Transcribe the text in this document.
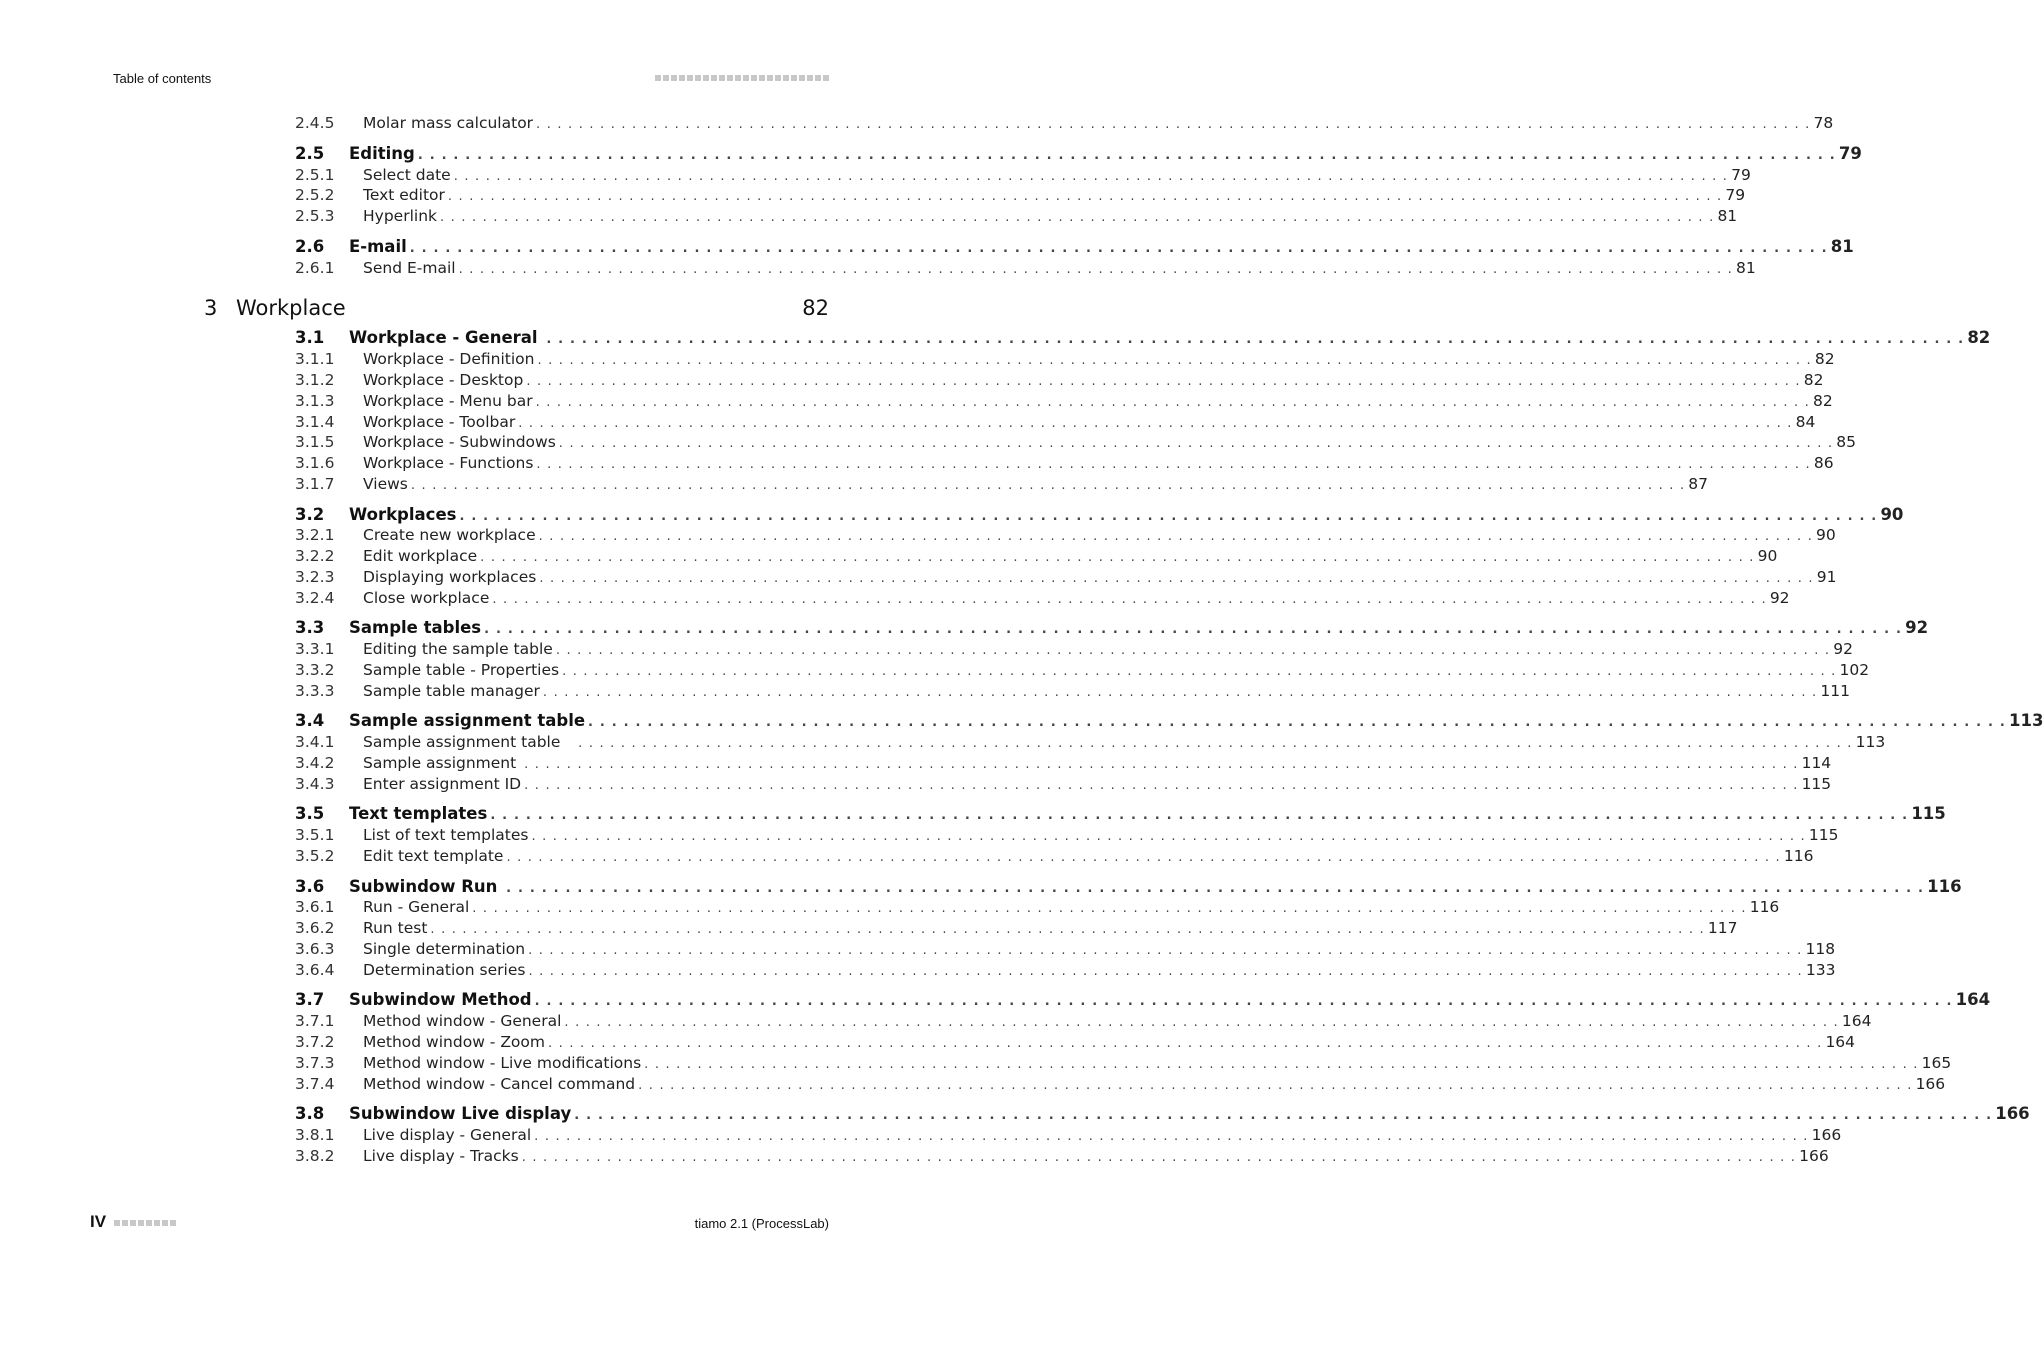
Table of contents
2.4.5	Molar mass calculator . . . . . . . . . . . . . . . . . . . . . . . . . . . . . . . . . . . . . . . . . . . . . . . . . . . . . . . . . . . . . . . . . . . . . . . . . . . . . . . . . . . . . . . . . . . . . . . . . . . . . . . . . . . . . . . . . . . . . . . . 78
2.5	Editing . . . . . . . . . . . . . . . . . . . . . . . . . . . . . . . . . . . . . . . . . . . . . . . . . . . . . . . . . . . . . . . . . . . . . . . . . . . . . . . . . . . . . . . . . . . . . . . . . . . . . . . . . . . . . . . . . . . . . . . . 79
2.5.1	Select date . . . . . . . . . . . . . . . . . . . . . . . . . . . . . . . . . . . . . . . . . . . . . . . . . . . . . . . . . . . . . . . . . . . . . . . . . . . . . . . . . . . . . . . . . . . . . . . . . . . . . . . . . . . . . . . . . . . . . . . . 79
2.5.2	Text editor . . . . . . . . . . . . . . . . . . . . . . . . . . . . . . . . . . . . . . . . . . . . . . . . . . . . . . . . . . . . . . . . . . . . . . . . . . . . . . . . . . . . . . . . . . . . . . . . . . . . . . . . . . . . . . . . . . . . . . . . 79
2.5.3	Hyperlink . . . . . . . . . . . . . . . . . . . . . . . . . . . . . . . . . . . . . . . . . . . . . . . . . . . . . . . . . . . . . . . . . . . . . . . . . . . . . . . . . . . . . . . . . . . . . . . . . . . . . . . . . . . . . . . . . . . . . . . . 81
2.6	E-mail . . . . . . . . . . . . . . . . . . . . . . . . . . . . . . . . . . . . . . . . . . . . . . . . . . . . . . . . . . . . . . . . . . . . . . . . . . . . . . . . . . . . . . . . . . . . . . . . . . . . . . . . . . . . . . . . . . . . . . . . 81
2.6.1	Send E-mail . . . . . . . . . . . . . . . . . . . . . . . . . . . . . . . . . . . . . . . . . . . . . . . . . . . . . . . . . . . . . . . . . . . . . . . . . . . . . . . . . . . . . . . . . . . . . . . . . . . . . . . . . . . . . . . . . . . . . . . . 81
3 Workplace	82
3.1	Workplace - General . . . . . . . . . . . . . . . . . . . . . . . . . . . . . . . . . . . . . . . . . . . . . . . . . . . . . . . . . . . . . . . . . . . . . . . . . . . . . . . . . . . . . . . . . . . . . . . . . . . . . . . . . . . . . . . . . . . . . . . . 82
3.1.1	Workplace - Definition . . . . . . . . . . . . . . . . . . . . . . . . . . . . . . . . . . . . . . . . . . . . . . . . . . . . . . . . . . . . . . . . . . . . . . . . . . . . . . . . . . . . . . . . . . . . . . . . . . . . . . . . . . . . . . . . . . . . . . . . 82
3.1.2	Workplace - Desktop . . . . . . . . . . . . . . . . . . . . . . . . . . . . . . . . . . . . . . . . . . . . . . . . . . . . . . . . . . . . . . . . . . . . . . . . . . . . . . . . . . . . . . . . . . . . . . . . . . . . . . . . . . . . . . . . . . . . . . . . 82
3.1.3	Workplace - Menu bar . . . . . . . . . . . . . . . . . . . . . . . . . . . . . . . . . . . . . . . . . . . . . . . . . . . . . . . . . . . . . . . . . . . . . . . . . . . . . . . . . . . . . . . . . . . . . . . . . . . . . . . . . . . . . . . . . . . . . . . . 82
3.1.4	Workplace - Toolbar . . . . . . . . . . . . . . . . . . . . . . . . . . . . . . . . . . . . . . . . . . . . . . . . . . . . . . . . . . . . . . . . . . . . . . . . . . . . . . . . . . . . . . . . . . . . . . . . . . . . . . . . . . . . . . . . . . . . . . . . 84
3.1.5	Workplace - Subwindows . . . . . . . . . . . . . . . . . . . . . . . . . . . . . . . . . . . . . . . . . . . . . . . . . . . . . . . . . . . . . . . . . . . . . . . . . . . . . . . . . . . . . . . . . . . . . . . . . . . . . . . . . . . . . . . . . . . . . . . . 85
3.1.6	Workplace - Functions . . . . . . . . . . . . . . . . . . . . . . . . . . . . . . . . . . . . . . . . . . . . . . . . . . . . . . . . . . . . . . . . . . . . . . . . . . . . . . . . . . . . . . . . . . . . . . . . . . . . . . . . . . . . . . . . . . . . . . . . 86
3.1.7	Views . . . . . . . . . . . . . . . . . . . . . . . . . . . . . . . . . . . . . . . . . . . . . . . . . . . . . . . . . . . . . . . . . . . . . . . . . . . . . . . . . . . . . . . . . . . . . . . . . . . . . . . . . . . . . . . . . . . . . . . . 87
3.2	Workplaces . . . . . . . . . . . . . . . . . . . . . . . . . . . . . . . . . . . . . . . . . . . . . . . . . . . . . . . . . . . . . . . . . . . . . . . . . . . . . . . . . . . . . . . . . . . . . . . . . . . . . . . . . . . . . . . . . . . . . . . . 90
3.2.1	Create new workplace . . . . . . . . . . . . . . . . . . . . . . . . . . . . . . . . . . . . . . . . . . . . . . . . . . . . . . . . . . . . . . . . . . . . . . . . . . . . . . . . . . . . . . . . . . . . . . . . . . . . . . . . . . . . . . . . . . . . . . . . 90
3.2.2	Edit workplace . . . . . . . . . . . . . . . . . . . . . . . . . . . . . . . . . . . . . . . . . . . . . . . . . . . . . . . . . . . . . . . . . . . . . . . . . . . . . . . . . . . . . . . . . . . . . . . . . . . . . . . . . . . . . . . . . . . . . . . . 90
3.2.3	Displaying workplaces . . . . . . . . . . . . . . . . . . . . . . . . . . . . . . . . . . . . . . . . . . . . . . . . . . . . . . . . . . . . . . . . . . . . . . . . . . . . . . . . . . . . . . . . . . . . . . . . . . . . . . . . . . . . . . . . . . . . . . . . 91
3.2.4	Close workplace . . . . . . . . . . . . . . . . . . . . . . . . . . . . . . . . . . . . . . . . . . . . . . . . . . . . . . . . . . . . . . . . . . . . . . . . . . . . . . . . . . . . . . . . . . . . . . . . . . . . . . . . . . . . . . . . . . . . . . . . 92
3.3	Sample tables . . . . . . . . . . . . . . . . . . . . . . . . . . . . . . . . . . . . . . . . . . . . . . . . . . . . . . . . . . . . . . . . . . . . . . . . . . . . . . . . . . . . . . . . . . . . . . . . . . . . . . . . . . . . . . . . . . . . . . . . 92
3.3.1	Editing the sample table . . . . . . . . . . . . . . . . . . . . . . . . . . . . . . . . . . . . . . . . . . . . . . . . . . . . . . . . . . . . . . . . . . . . . . . . . . . . . . . . . . . . . . . . . . . . . . . . . . . . . . . . . . . . . . . . . . . . . . . . 92
3.3.2	Sample table - Properties . . . . . . . . . . . . . . . . . . . . . . . . . . . . . . . . . . . . . . . . . . . . . . . . . . . . . . . . . . . . . . . . . . . . . . . . . . . . . . . . . . . . . . . . . . . . . . . . . . . . . . . . . . . . . . . . . . . . . . . . 102
3.3.3	Sample table manager . . . . . . . . . . . . . . . . . . . . . . . . . . . . . . . . . . . . . . . . . . . . . . . . . . . . . . . . . . . . . . . . . . . . . . . . . . . . . . . . . . . . . . . . . . . . . . . . . . . . . . . . . . . . . . . . . . . . . . . . 111
3.4	Sample assignment table . . . . . . . . . . . . . . . . . . . . . . . . . . . . . . . . . . . . . . . . . . . . . . . . . . . . . . . . . . . . . . . . . . . . . . . . . . . . . . . . . . . . . . . . . . . . . . . . . . . . . . . . . . . . . . . . . . . . . . . . 113
3.4.1	Sample assignment table . . . . . . . . . . . . . . . . . . . . . . . . . . . . . . . . . . . . . . . . . . . . . . . . . . . . . . . . . . . . . . . . . . . . . . . . . . . . . . . . . . . . . . . . . . . . . . . . . . . . . . . . . . . . . . . . . . . . . . . . 113
3.4.2	Sample assignment . . . . . . . . . . . . . . . . . . . . . . . . . . . . . . . . . . . . . . . . . . . . . . . . . . . . . . . . . . . . . . . . . . . . . . . . . . . . . . . . . . . . . . . . . . . . . . . . . . . . . . . . . . . . . . . . . . . . . . . . 114
3.4.3	Enter assignment ID . . . . . . . . . . . . . . . . . . . . . . . . . . . . . . . . . . . . . . . . . . . . . . . . . . . . . . . . . . . . . . . . . . . . . . . . . . . . . . . . . . . . . . . . . . . . . . . . . . . . . . . . . . . . . . . . . . . . . . . . 115
3.5	Text templates . . . . . . . . . . . . . . . . . . . . . . . . . . . . . . . . . . . . . . . . . . . . . . . . . . . . . . . . . . . . . . . . . . . . . . . . . . . . . . . . . . . . . . . . . . . . . . . . . . . . . . . . . . . . . . . . . . . . . . . . 115
3.5.1	List of text templates . . . . . . . . . . . . . . . . . . . . . . . . . . . . . . . . . . . . . . . . . . . . . . . . . . . . . . . . . . . . . . . . . . . . . . . . . . . . . . . . . . . . . . . . . . . . . . . . . . . . . . . . . . . . . . . . . . . . . . . . 115
3.5.2	Edit text template . . . . . . . . . . . . . . . . . . . . . . . . . . . . . . . . . . . . . . . . . . . . . . . . . . . . . . . . . . . . . . . . . . . . . . . . . . . . . . . . . . . . . . . . . . . . . . . . . . . . . . . . . . . . . . . . . . . . . . . . 116
3.6	Subwindow Run . . . . . . . . . . . . . . . . . . . . . . . . . . . . . . . . . . . . . . . . . . . . . . . . . . . . . . . . . . . . . . . . . . . . . . . . . . . . . . . . . . . . . . . . . . . . . . . . . . . . . . . . . . . . . . . . . . . . . . . . 116
3.6.1	Run - General . . . . . . . . . . . . . . . . . . . . . . . . . . . . . . . . . . . . . . . . . . . . . . . . . . . . . . . . . . . . . . . . . . . . . . . . . . . . . . . . . . . . . . . . . . . . . . . . . . . . . . . . . . . . . . . . . . . . . . . . 116
3.6.2	Run test . . . . . . . . . . . . . . . . . . . . . . . . . . . . . . . . . . . . . . . . . . . . . . . . . . . . . . . . . . . . . . . . . . . . . . . . . . . . . . . . . . . . . . . . . . . . . . . . . . . . . . . . . . . . . . . . . . . . . . . . 117
3.6.3	Single determination . . . . . . . . . . . . . . . . . . . . . . . . . . . . . . . . . . . . . . . . . . . . . . . . . . . . . . . . . . . . . . . . . . . . . . . . . . . . . . . . . . . . . . . . . . . . . . . . . . . . . . . . . . . . . . . . . . . . . . . . 118
3.6.4	Determination series . . . . . . . . . . . . . . . . . . . . . . . . . . . . . . . . . . . . . . . . . . . . . . . . . . . . . . . . . . . . . . . . . . . . . . . . . . . . . . . . . . . . . . . . . . . . . . . . . . . . . . . . . . . . . . . . . . . . . . . . 133
3.7	Subwindow Method . . . . . . . . . . . . . . . . . . . . . . . . . . . . . . . . . . . . . . . . . . . . . . . . . . . . . . . . . . . . . . . . . . . . . . . . . . . . . . . . . . . . . . . . . . . . . . . . . . . . . . . . . . . . . . . . . . . . . . . . 164
3.7.1	Method window - General . . . . . . . . . . . . . . . . . . . . . . . . . . . . . . . . . . . . . . . . . . . . . . . . . . . . . . . . . . . . . . . . . . . . . . . . . . . . . . . . . . . . . . . . . . . . . . . . . . . . . . . . . . . . . . . . . . . . . . . . 164
3.7.2	Method window - Zoom . . . . . . . . . . . . . . . . . . . . . . . . . . . . . . . . . . . . . . . . . . . . . . . . . . . . . . . . . . . . . . . . . . . . . . . . . . . . . . . . . . . . . . . . . . . . . . . . . . . . . . . . . . . . . . . . . . . . . . . . 164
3.7.3	Method window - Live modifications . . . . . . . . . . . . . . . . . . . . . . . . . . . . . . . . . . . . . . . . . . . . . . . . . . . . . . . . . . . . . . . . . . . . . . . . . . . . . . . . . . . . . . . . . . . . . . . . . . . . . . . . . . . . . . . . . . . . . . . . 165
3.7.4	Method window - Cancel command . . . . . . . . . . . . . . . . . . . . . . . . . . . . . . . . . . . . . . . . . . . . . . . . . . . . . . . . . . . . . . . . . . . . . . . . . . . . . . . . . . . . . . . . . . . . . . . . . . . . . . . . . . . . . . . . . . . . . . . . 166
3.8	Subwindow Live display . . . . . . . . . . . . . . . . . . . . . . . . . . . . . . . . . . . . . . . . . . . . . . . . . . . . . . . . . . . . . . . . . . . . . . . . . . . . . . . . . . . . . . . . . . . . . . . . . . . . . . . . . . . . . . . . . . . . . . . . 166
3.8.1	Live display - General . . . . . . . . . . . . . . . . . . . . . . . . . . . . . . . . . . . . . . . . . . . . . . . . . . . . . . . . . . . . . . . . . . . . . . . . . . . . . . . . . . . . . . . . . . . . . . . . . . . . . . . . . . . . . . . . . . . . . . . . 166
3.8.2	Live display - Tracks . . . . . . . . . . . . . . . . . . . . . . . . . . . . . . . . . . . . . . . . . . . . . . . . . . . . . . . . . . . . . . . . . . . . . . . . . . . . . . . . . . . . . . . . . . . . . . . . . . . . . . . . . . . . . . . . . . . . . . . . 166
IV	tiamo 2.1 (ProcessLab)
